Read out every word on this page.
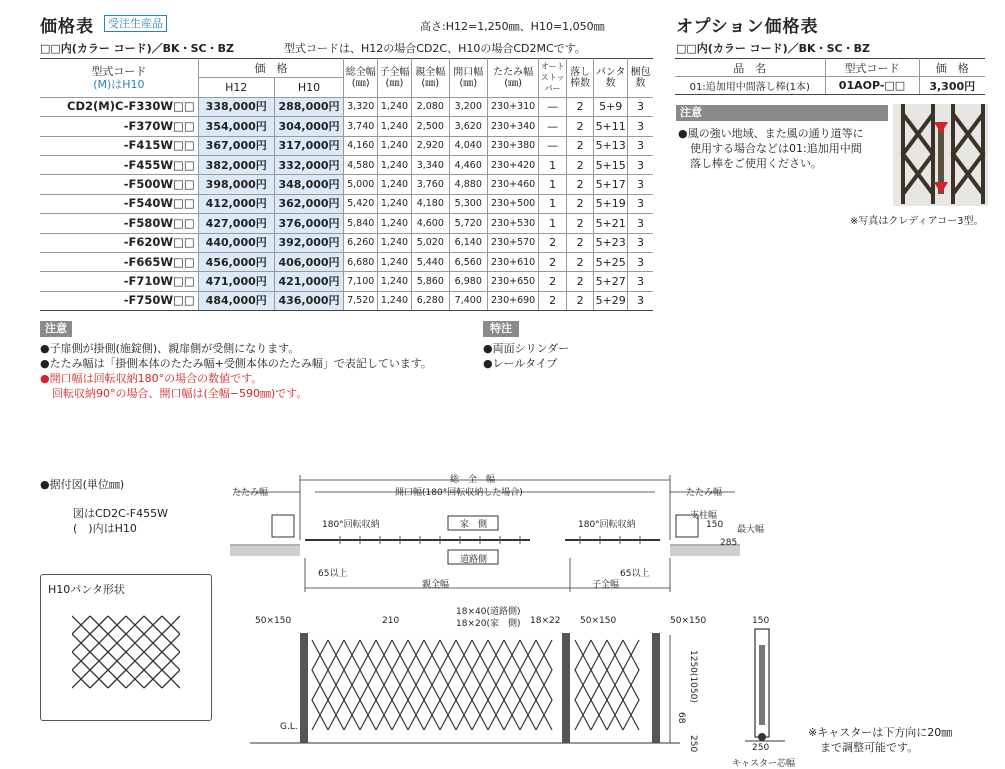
価格表	受注生産品	高さ:H12=1,250㎜、H10=1,050㎜
□□内(カラー コード)／BK・SC・BZ	型式コードは、H12の場合CD2C、H10の場合CD2MCです。
型式コード
(M)はH10	価　格		総全幅
(㎜)	子全幅
(㎜)	親全幅
(㎜)	開口幅
(㎜)	たたみ幅
(㎜)	オート
ストッパー	落し
棒数	パンタ
数	梱包
数
	H12	H10									
CD2(M)C-F330W□□	338,000円	288,000円	3,320	1,240	2,080	3,200	230+310	—	2	5+9	3
-F370W□□	354,000円	304,000円	3,740	1,240	2,500	3,620	230+340	—	2	5+11	3
-F415W□□	367,000円	317,000円	4,160	1,240	2,920	4,040	230+380	—	2	5+13	3
-F455W□□	382,000円	332,000円	4,580	1,240	3,340	4,460	230+420	1	2	5+15	3
-F500W□□	398,000円	348,000円	5,000	1,240	3,760	4,880	230+460	1	2	5+17	3
-F540W□□	412,000円	362,000円	5,420	1,240	4,180	5,300	230+500	1	2	5+19	3
-F580W□□	427,000円	376,000円	5,840	1,240	4,600	5,720	230+530	1	2	5+21	3
-F620W□□	440,000円	392,000円	6,260	1,240	5,020	6,140	230+570	2	2	5+23	3
-F665W□□	456,000円	406,000円	6,680	1,240	5,440	6,560	230+610	2	2	5+25	3
-F710W□□	471,000円	421,000円	7,100	1,240	5,860	6,980	230+650	2	2	5+27	3
-F750W□□	484,000円	436,000円	7,520	1,240	6,280	7,400	230+690	2	2	5+29	3
注意
●子扉側が掛側(施錠側)、親扉側が受側になります。
●たたみ幅は「掛側本体のたたみ幅+受側本体のたたみ幅」で表記しています。
●開口幅は回転収納180°の場合の数値です。
回転収納90°の場合、開口幅は(全幅−590㎜)です。
特注
●両面シリンダー
●レールタイプ
オプション価格表
□□内(カラー コード)／BK・SC・BZ
品　名	型式コード	価　格
01:追加用中間落し棒(1本)	01AOP-□□	3,300円
注意
●風の強い地域、また風の通り道等に
使用する場合などは01:追加用中間
落し棒をご使用ください。
※写真はクレディアコー3型。
●据付図(単位㎜)
図はCD2C-F455W
(　)内はH10
H10パンタ形状
総　全　幅
開口幅(180°回転収納した場合)
たたみ幅	たたみ幅
180°回転収納	180°回転収納
家　側
道路側
親全幅	子全幅
65以上	65以上
支柱幅
150 最大幅
285
50×150	210
18×40(道路側)
18×20(家　側) 18×22 50×150	50×150	150
G.L.
1250(1050)
68
250	250
キャスター芯幅
※キャスターは下方向に20㎜
まで調整可能です。
